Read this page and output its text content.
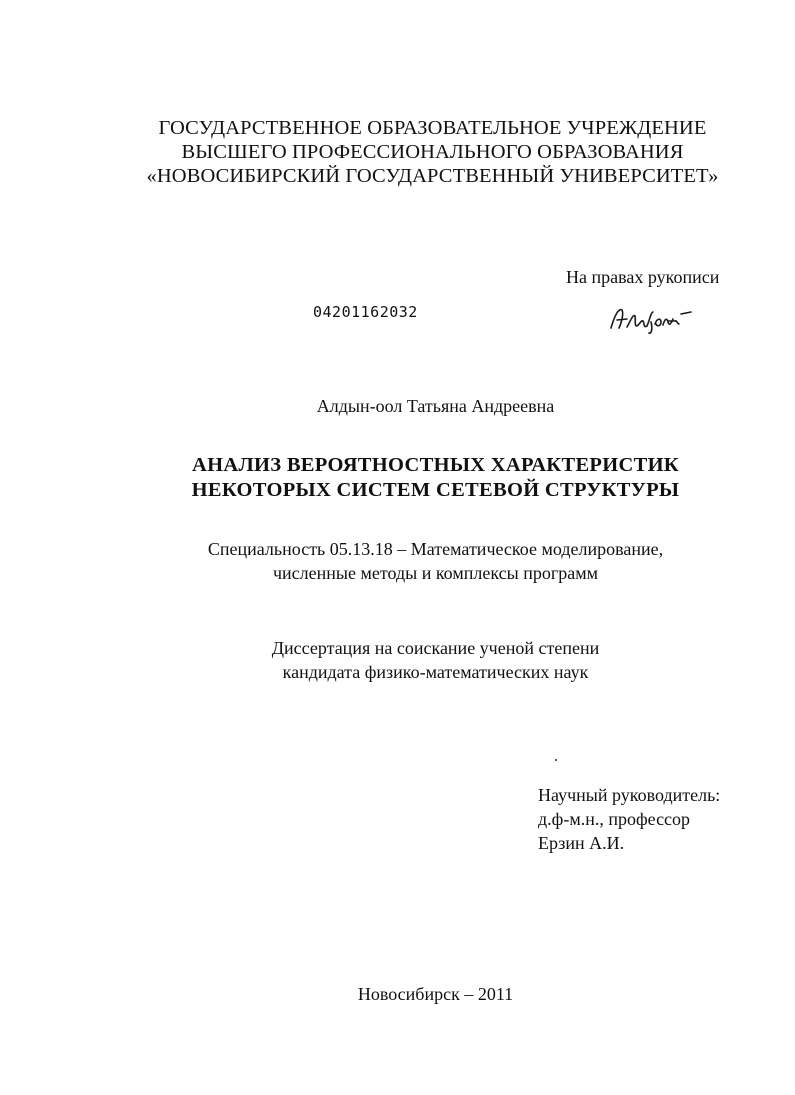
ГОСУДАРСТВЕННОЕ ОБРАЗОВАТЕЛЬНОЕ УЧРЕЖДЕНИЕ
ВЫСШЕГО ПРОФЕССИОНАЛЬНОГО ОБРАЗОВАНИЯ
«НОВОСИБИРСКИЙ ГОСУДАРСТВЕННЫЙ УНИВЕРСИТЕТ»
На правах рукописи
04201162032
Алдын-оол Татьяна Андреевна
АНАЛИЗ ВЕРОЯТНОСТНЫХ ХАРАКТЕРИСТИК
НЕКОТОРЫХ СИСТЕМ СЕТЕВОЙ СТРУКТУРЫ
Специальность 05.13.18 – Математическое моделирование,
численные методы и комплексы программ
Диссертация на соискание ученой степени
кандидата физико-математических наук
Научный руководитель:
д.ф-м.н., профессор
Ерзин А.И.
Новосибирск – 2011
